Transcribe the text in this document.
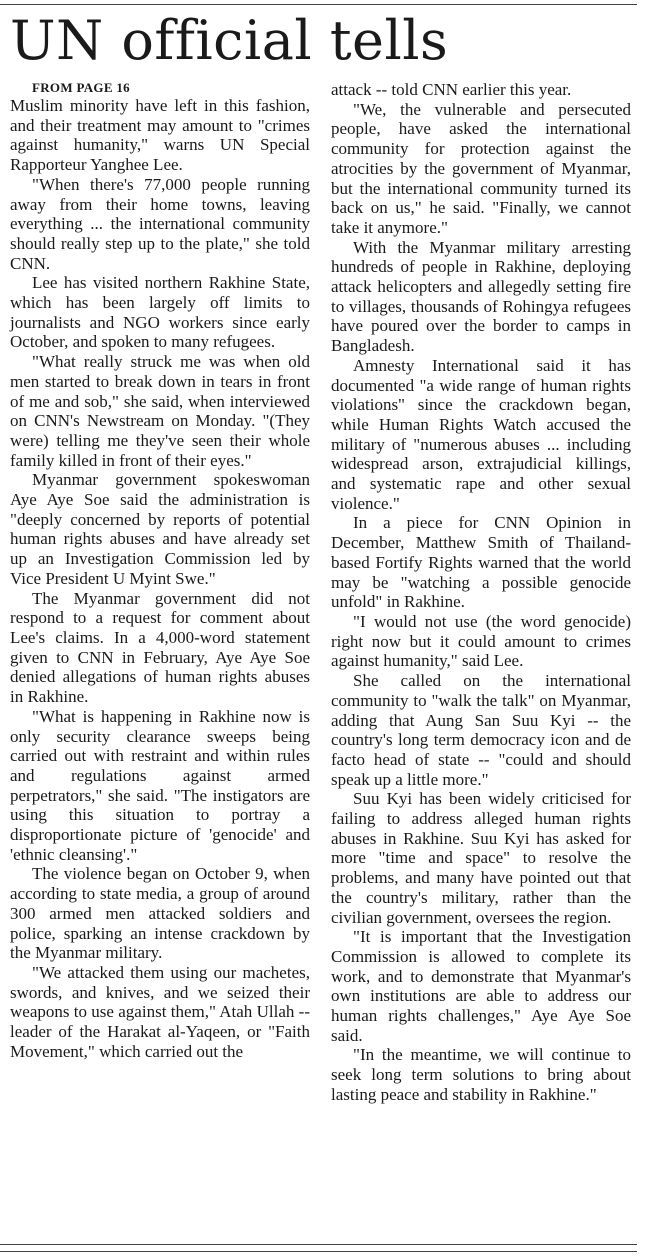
UN official tells

FROM PAGE 16

Muslim minority have left in this fashion, and their treatment may amount to "crimes against humanity," warns UN Special Rapporteur Yanghee Lee.

"When there's 77,000 people running away from their home towns, leaving everything ... the international community should really step up to the plate," she told CNN.

Lee has visited northern Rakhine State, which has been largely off limits to journalists and NGO workers since early October, and spoken to many refugees.

"What really struck me was when old men started to break down in tears in front of me and sob," she said, when interviewed on CNN's Newstream on Monday. "(They were) telling me they've seen their whole family killed in front of their eyes."

Myanmar government spokeswoman Aye Aye Soe said the administration is "deeply concerned by reports of potential human rights abuses and have already set up an Investigation Commission led by Vice President U Myint Swe."

The Myanmar government did not respond to a request for comment about Lee's claims. In a 4,000-word statement given to CNN in February, Aye Aye Soe denied allegations of human rights abuses in Rakhine.

"What is happening in Rakhine now is only security clearance sweeps being carried out with restraint and within rules and regulations against armed perpetrators," she said. "The instigators are using this situation to portray a disproportionate picture of 'genocide' and 'ethnic cleansing'."

The violence began on October 9, when according to state media, a group of around 300 armed men attacked soldiers and police, sparking an intense crackdown by the Myanmar military.

"We attacked them using our machetes, swords, and knives, and we seized their weapons to use against them," Atah Ullah -- leader of the Harakat al-Yaqeen, or "Faith Movement," which carried out the

attack -- told CNN earlier this year.

"We, the vulnerable and persecuted people, have asked the international community for protection against the atrocities by the government of Myanmar, but the international community turned its back on us," he said. "Finally, we cannot take it anymore."

With the Myanmar military arresting hundreds of people in Rakhine, deploying attack helicopters and allegedly setting fire to villages, thousands of Rohingya refugees have poured over the border to camps in Bangladesh.

Amnesty International said it has documented "a wide range of human rights violations" since the crackdown began, while Human Rights Watch accused the military of "numerous abuses ... including widespread arson, extrajudicial killings, and systematic rape and other sexual violence."

In a piece for CNN Opinion in December, Matthew Smith of Thailand-based Fortify Rights warned that the world may be "watching a possible genocide unfold" in Rakhine.

"I would not use (the word genocide) right now but it could amount to crimes against humanity," said Lee.

She called on the international community to "walk the talk" on Myanmar, adding that Aung San Suu Kyi -- the country's long term democracy icon and de facto head of state -- "could and should speak up a little more."

Suu Kyi has been widely criticised for failing to address alleged human rights abuses in Rakhine. Suu Kyi has asked for more "time and space" to resolve the problems, and many have pointed out that the country's military, rather than the civilian government, oversees the region.

"It is important that the Investigation Commission is allowed to complete its work, and to demonstrate that Myanmar's own institutions are able to address our human rights challenges," Aye Aye Soe said.

"In the meantime, we will continue to seek long term solutions to bring about lasting peace and stability in Rakhine."
